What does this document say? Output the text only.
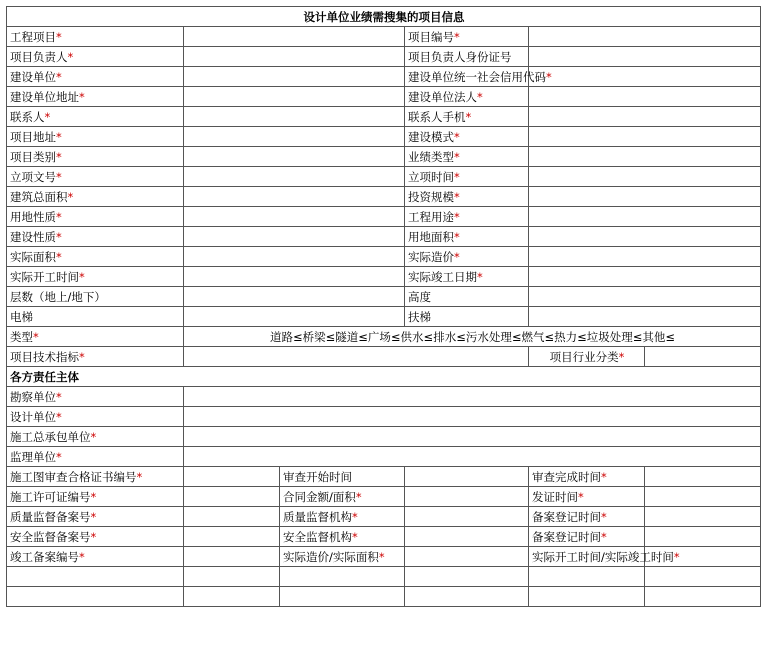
设计单位业绩需搜集的项目信息					
工程项目*			项目编号*		
项目负责人*			项目负责人身份证号		
建设单位*			建设单位统一社会信用代码*		
建设单位地址*			建设单位法人*		
联系人*			联系人手机*		
项目地址*			建设模式*		
项目类别*			业绩类型*		
立项文号*			立项时间*		
建筑总面积*			投资规模*		
用地性质*			工程用途*		
建设性质*			用地面积*		
实际面积*			实际造价*		
实际开工时间*			实际竣工日期*		
层数（地上/地下）			高度		
电梯			扶梯		
类型*	道路≤桥梁≤隧道≤广场≤供水≤排水≤污水处理≤燃气≤热力≤垃圾处理≤其他≤				
项目技术指标*				项目行业分类*	
各方责任主体					
勘察单位*					
设计单位*					
施工总承包单位*					
监理单位*					
施工图审查合格证书编号*		审查开始时间		审查完成时间*	
施工许可证编号*		合同金额/面积*		发证时间*	
质量监督备案号*		质量监督机构*		备案登记时间*	
安全监督备案号*		安全监督机构*		备案登记时间*	
竣工备案编号*		实际造价/实际面积*		实际开工时间/实际竣工时间*	
